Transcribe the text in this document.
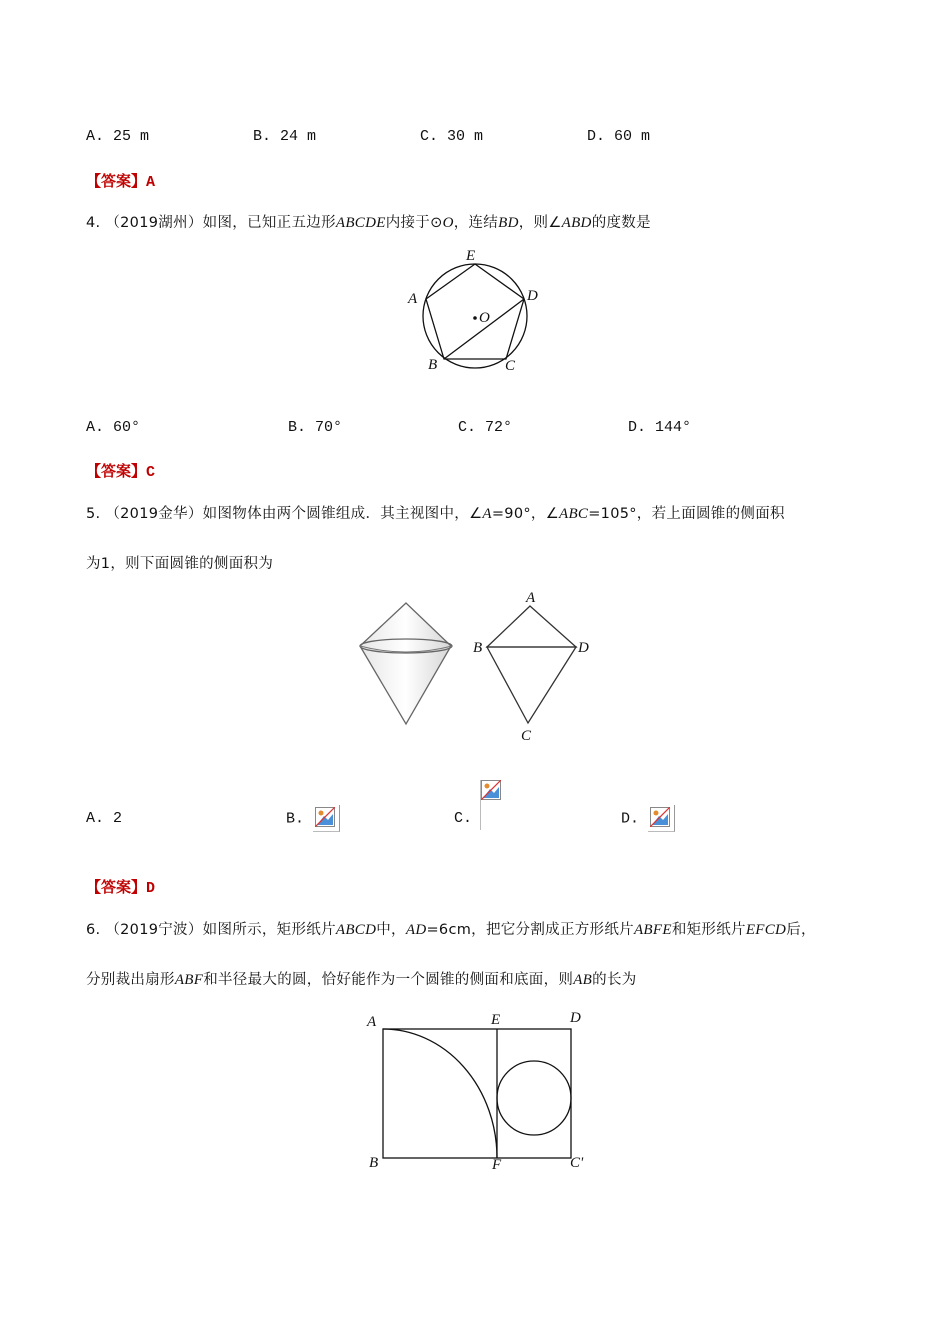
A. 25 m	B. 24 m	C. 30 m	D. 60 m
【答案】A
4. （2019湖州）如图，已知正五边形ABCDE内接于⊙O，连结BD，则∠ABD的度数是
E
A	D
O
B	C
A. 60°	B. 70°	C. 72°	D. 144°
【答案】C
5. （2019金华）如图物体由两个圆锥组成．其主视图中，∠A=90°，∠ABC=105°，若上面圆锥的侧面积
为1，则下面圆锥的侧面积为
A
B	D
C
A. 2	B.	C.	D.
【答案】D
6. （2019宁波）如图所示，矩形纸片ABCD中，AD=6cm，把它分割成正方形纸片ABFE和矩形纸片EFCD后，
分别裁出扇形ABF和半径最大的圆，恰好能作为一个圆锥的侧面和底面，则AB的长为
A	E	D
B	F	C'
